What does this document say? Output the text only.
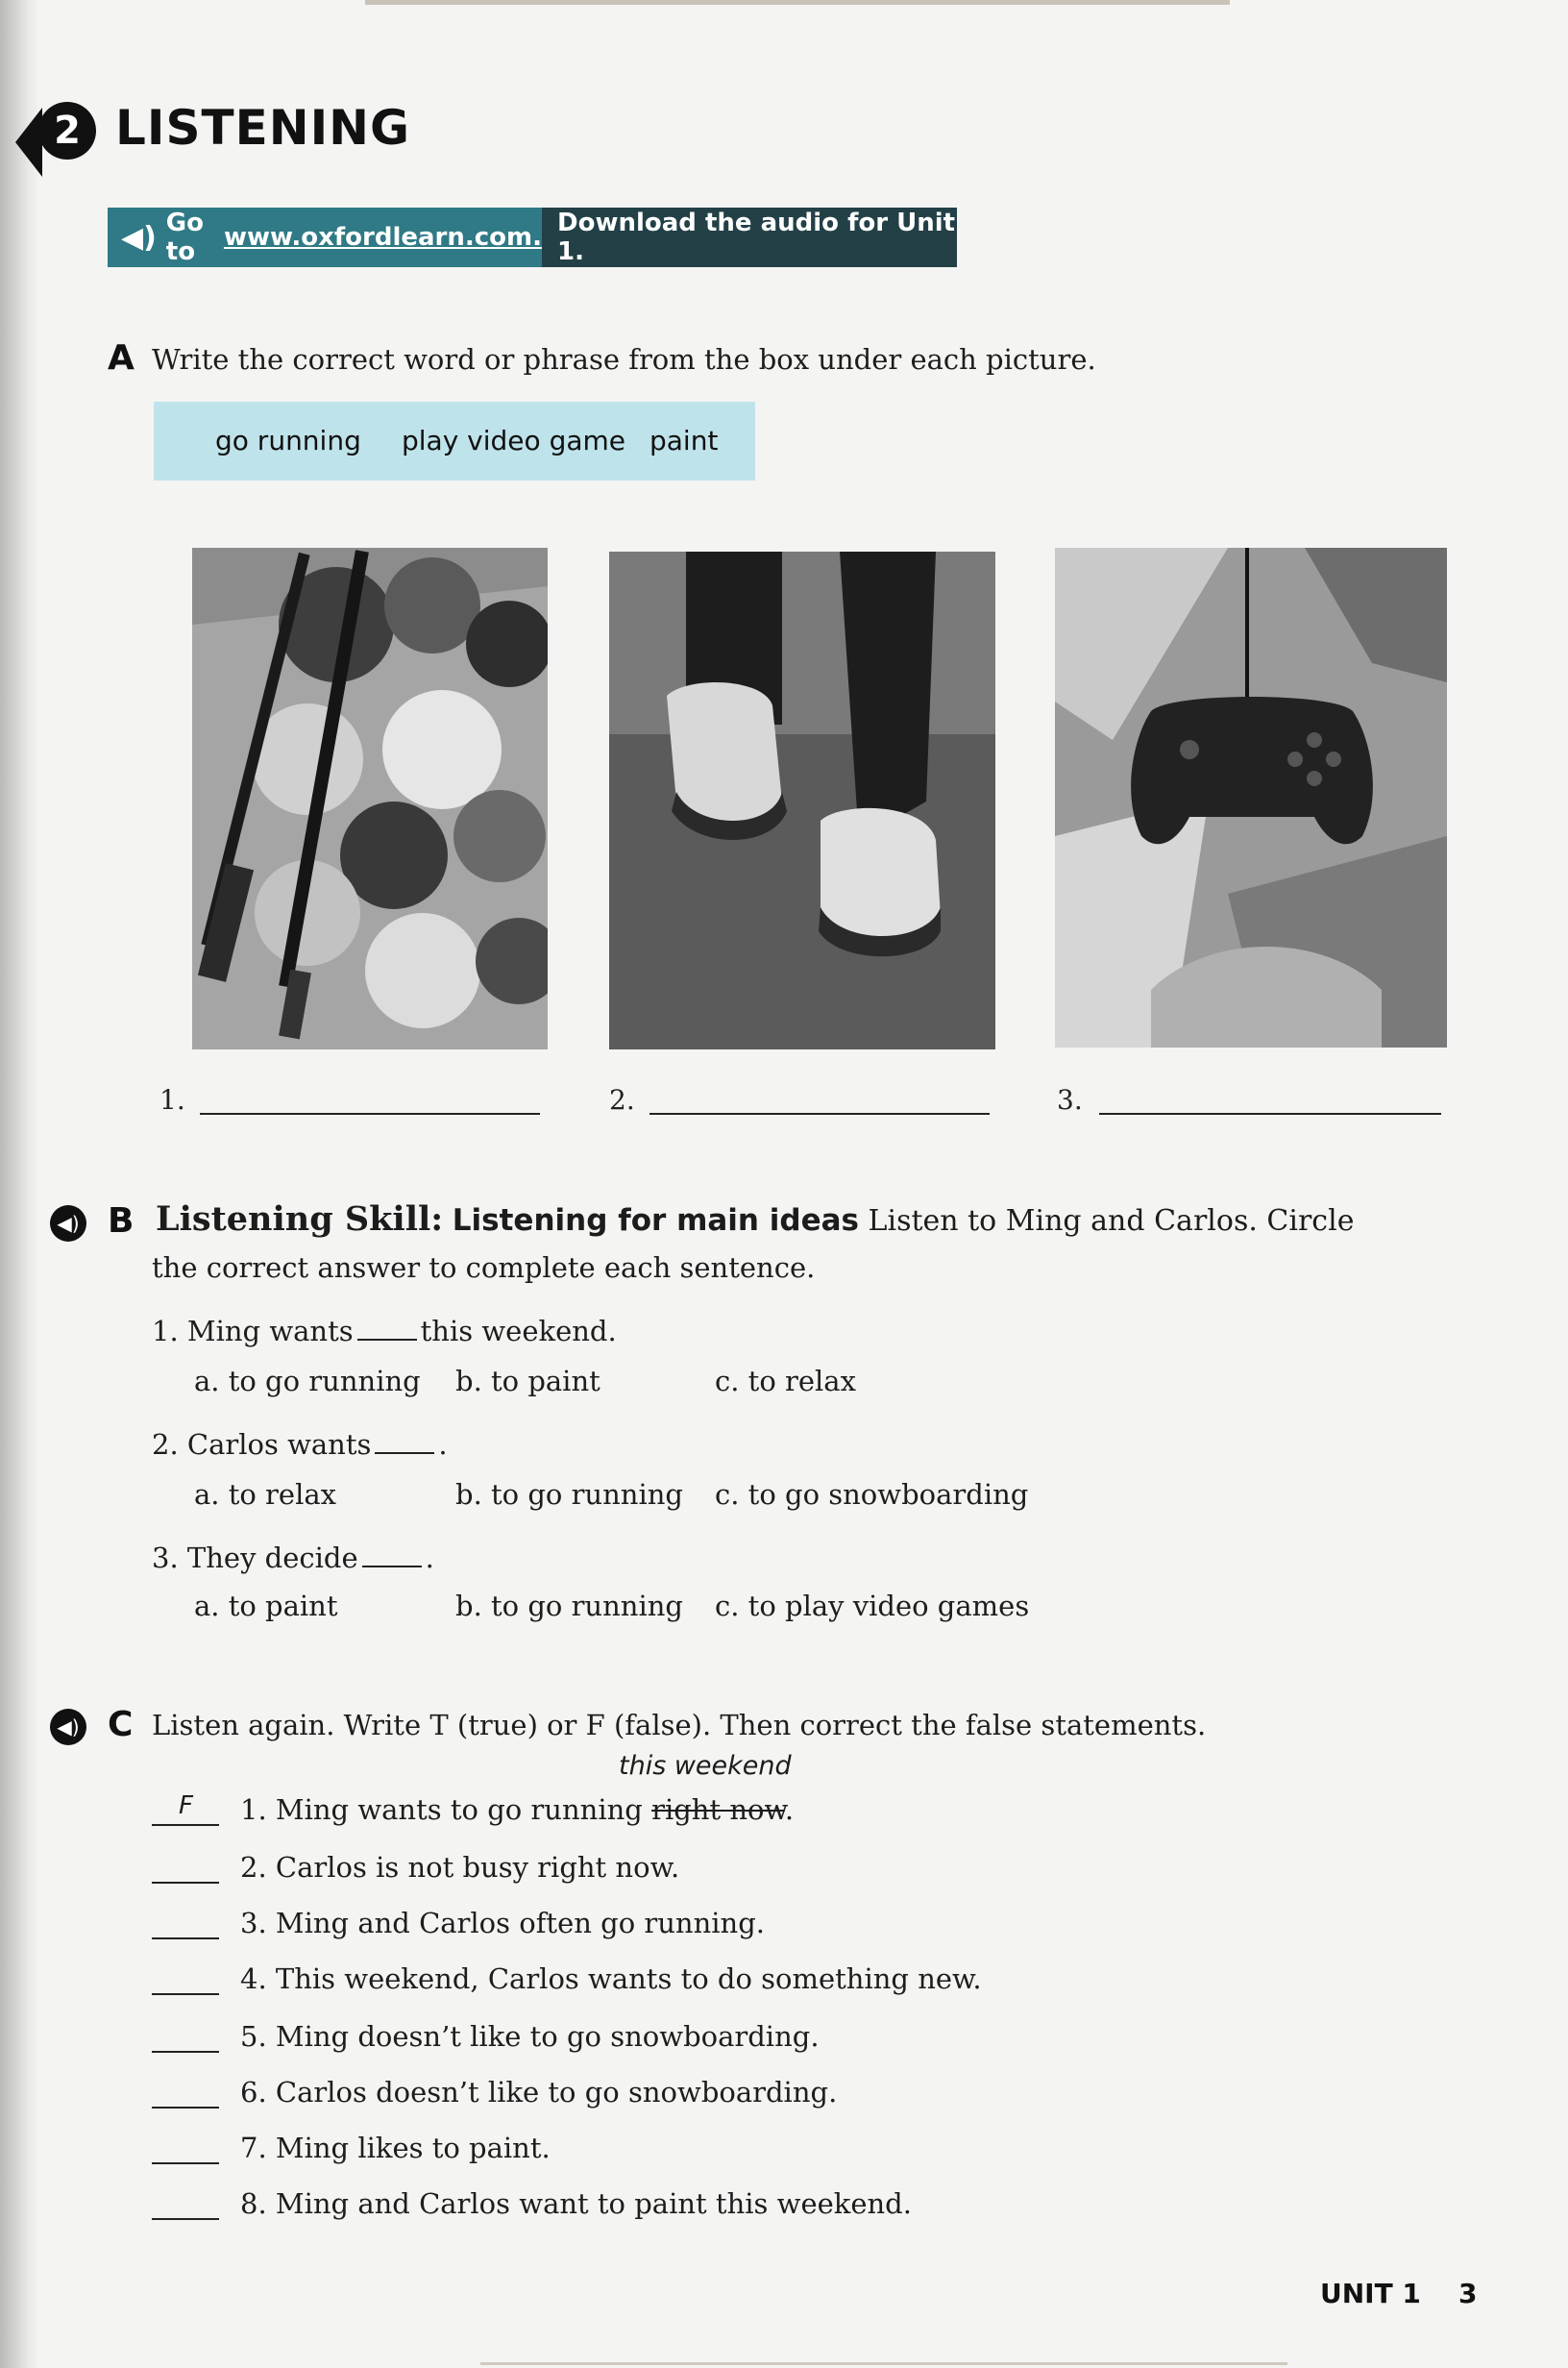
2 LISTENING
◀) Go to	www.oxfordlearn.com. Download the audio for Unit 1.
A Write the correct word or phrase from the box under each picture.
go running play video game paint
1.	2.	3.
◀) B Listening Skill: Listening for main ideas Listen to Ming and Carlos. Circle
the correct answer to complete each sentence.
1. Ming wants this weekend.
a. to go running b. to paint	c. to relax
2. Carlos wants .
a. to relax	b. to go running c. to go snowboarding
3. They decide .
a. to paint	b. to go running c. to play video games
◀) C Listen again. Write T (true) or F (false). Then correct the false statements.
this weekend
F 1. Ming wants to go running right now.
2. Carlos is not busy right now.
3. Ming and Carlos often go running.
4. This weekend, Carlos wants to do something new.
5. Ming doesn’t like to go snowboarding.
6. Carlos doesn’t like to go snowboarding.
7. Ming likes to paint.
8. Ming and Carlos want to paint this weekend.
UNIT 1 3
